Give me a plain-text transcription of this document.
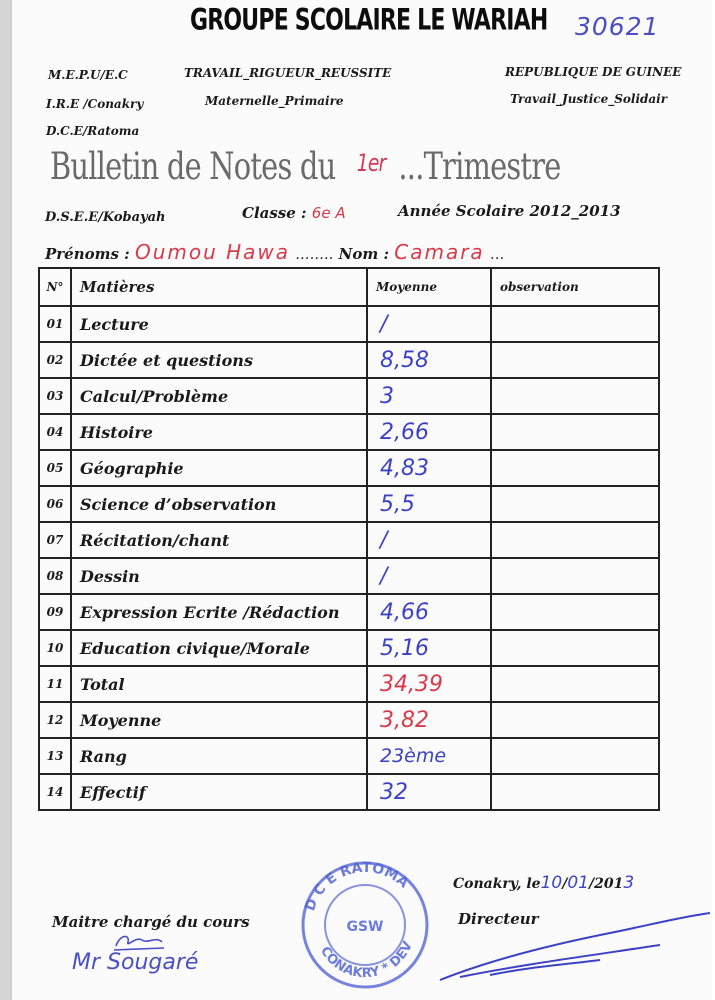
GROUPE SCOLAIRE LE WARIAH 30621
M.E.P.U/E.C	TRAVAIL_RIGUEUR_REUSSITE	REPUBLIQUE DE GUINEE
I.R.E /Conakry	Maternelle_Primaire	Travail_Justice_Solidair
D.C.E/Ratoma
Bulletin de Notes du 1er ...Trimestre
D.S.E.E/Kobayah	Classe : 6e A	Année Scolaire 2012_2013
Prénoms : Oumou Hawa ........ Nom : Camara ...
N°	Matières	Moyenne	observation
01	Lecture	/	
02	Dictée et questions	8,58	
03	Calcul/Problème	3	
04	Histoire	2,66	
05	Géographie	4,83	
06	Science d’observation	5,5	
07	Récitation/chant	/	
08	Dessin	/	
09	Expression Ecrite /Rédaction	4,66	
10	Education civique/Morale	5,16	
11	Total	34,39	
12	Moyenne	3,82	
13	Rang	23ème	
14	Effectif	32	
Conakry, le10/01/2013
D C E RATOMA
CONAKRY * DEV
GSW
Maitre chargé du cours	Directeur
Mr Sougaré
